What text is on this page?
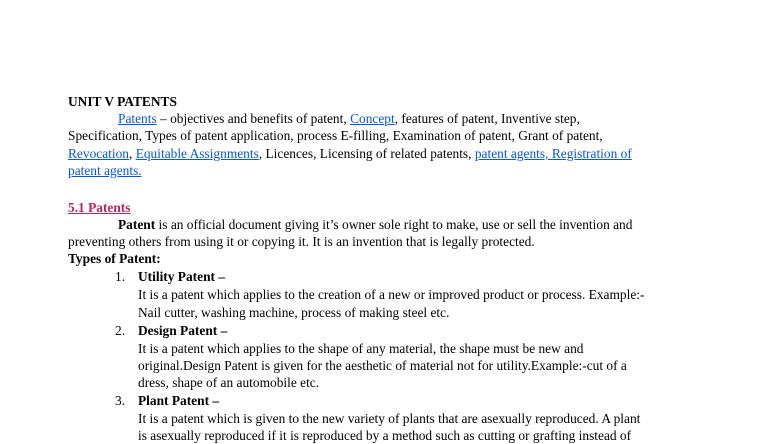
UNIT V PATENTS
Patents – objectives and benefits of patent, Concept, features of patent, Inventive step,
Specification, Types of patent application, process E-filling, Examination of patent, Grant of patent,
Revocation, Equitable Assignments, Licences, Licensing of related patents, patent agents, Registration of
patent agents.
5.1 Patents
Patent is an official document giving it’s owner sole right to make, use or sell the invention and
preventing others from using it or copying it. It is an invention that is legally protected.
Types of Patent:
1. Utility Patent –
It is a patent which applies to the creation of a new or improved product or process. Example:-
Nail cutter, washing machine, process of making steel etc.
2. Design Patent –
It is a patent which applies to the shape of any material, the shape must be new and
original.Design Patent is given for the aesthetic of material not for utility.Example:-cut of a
dress, shape of an automobile etc.
3. Plant Patent –
It is a patent which is given to the new variety of plants that are asexually reproduced. A plant
is asexually reproduced if it is reproduced by a method such as cutting or grafting instead of
